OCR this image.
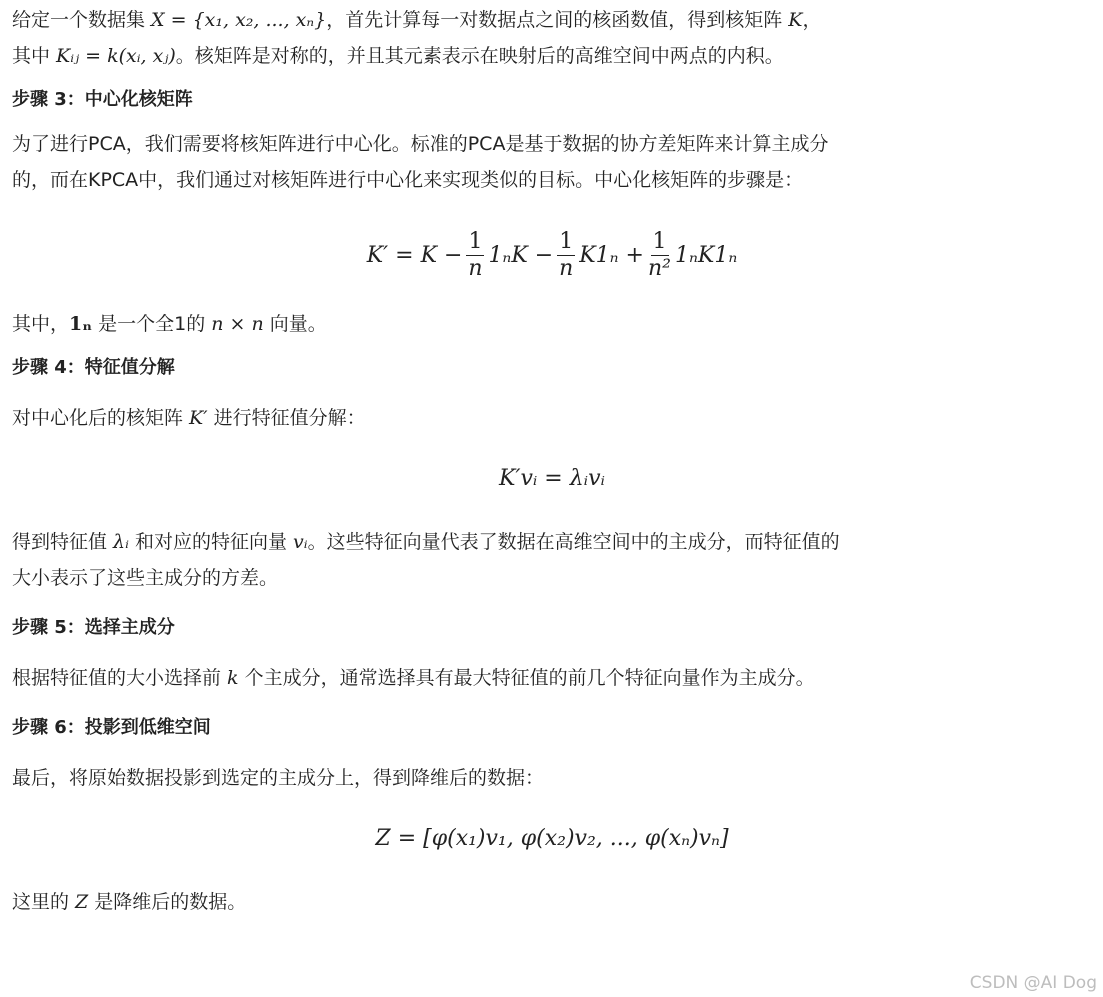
给定一个数据集 X = {x₁, x₂, ..., xₙ}，首先计算每一对数据点之间的核函数值，得到核矩阵 K，

其中 Kᵢⱼ = k(xᵢ, xⱼ)。核矩阵是对称的，并且其元素表示在映射后的高维空间中两点的内积。

步骤 3：中心化核矩阵

为了进行PCA，我们需要将核矩阵进行中心化。标准的PCA是基于数据的协方差矩阵来计算主成分

的，而在KPCA中，我们通过对核矩阵进行中心化来实现类似的目标。中心化核矩阵的步骤是：

$K' = K - \frac{1}{n} 1_nK - \frac{1}{n} K1_n + \frac{1}{\text{n²}} 1_nK1_n$

其中，1ₙ 是一个全1的 n × n 向量。

步骤 4：特征值分解

对中心化后的核矩阵 K′ 进行特征值分解：

K′vᵢ = λᵢvᵢ

得到特征值 λᵢ 和对应的特征向量 vᵢ。这些特征向量代表了数据在高维空间中的主成分，而特征值的

大小表示了这些主成分的方差。

步骤 5：选择主成分

根据特征值的大小选择前 k 个主成分，通常选择具有最大特征值的前几个特征向量作为主成分。

步骤 6：投影到低维空间

最后，将原始数据投影到选定的主成分上，得到降维后的数据：

Z = [φ(x₁)v₁, φ(x₂)v₂, ..., φ(xₙ)vₙ]

这里的 Z 是降维后的数据。

CSDN @AI Dog
